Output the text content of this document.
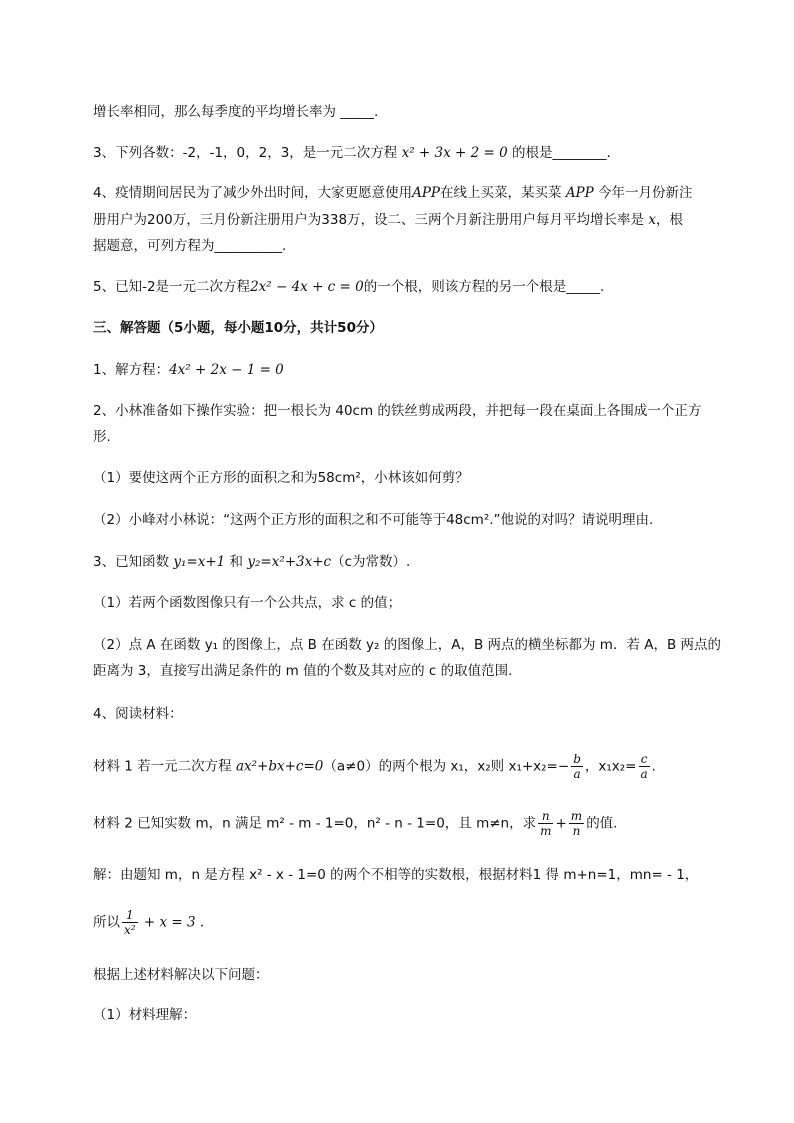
增长率相同，那么每季度的平均增长率为 _____.
3、下列各数：-2，-1，0，2，3，是一元二次方程 x² + 3x + 2 = 0 的根是________.
4、疫情期间居民为了减少外出时间，大家更愿意使用APP在线上买菜，某买菜 APP 今年一月份新注
册用户为200万，三月份新注册用户为338万，设二、三两个月新注册用户每月平均增长率是 x，根
据题意，可列方程为__________.
5、已知-2是一元二次方程2x² − 4x + c = 0的一个根，则该方程的另一个根是_____.
三、解答题（5小题，每小题10分，共计50分）
1、解方程：4x² + 2x − 1 = 0
2、小林准备如下操作实验：把一根长为 40cm 的铁丝剪成两段，并把每一段在桌面上各围成一个正方
形.
（1）要使这两个正方形的面积之和为58cm²，小林该如何剪？
（2）小峰对小林说：“这两个正方形的面积之和不可能等于48cm².”他说的对吗？请说明理由.
3、已知函数 y₁=x+1 和 y₂=x²+3x+c（c为常数）.
（1）若两个函数图像只有一个公共点，求 c 的值；
（2）点 A 在函数 y₁ 的图像上，点 B 在函数 y₂ 的图像上，A，B 两点的横坐标都为 m．若 A，B 两点的
距离为 3，直接写出满足条件的 m 值的个数及其对应的 c 的取值范围.
4、阅读材料：
材料 1 若一元二次方程 ax²+bx+c=0（a≠0）的两个根为 x₁，x₂则 $x_1+x_2=- \frac{b}{a}$ ，$x_1x_2= \frac{c}{a}$ .
材料 2 已知实数 m，n 满足 m² - m - 1=0，n² - n - 1=0，且 m≠n，求 $\frac{n}{m} + \frac{m}{n}$ 的值.
解：由题知 m，n 是方程 x² - x - 1=0 的两个不相等的实数根，根据材料1 得 m+n=1，mn= - 1，
所以 $\frac{1}{\text{x²}} + x = 3$ .
根据上述材料解决以下问题：
（1）材料理解：
